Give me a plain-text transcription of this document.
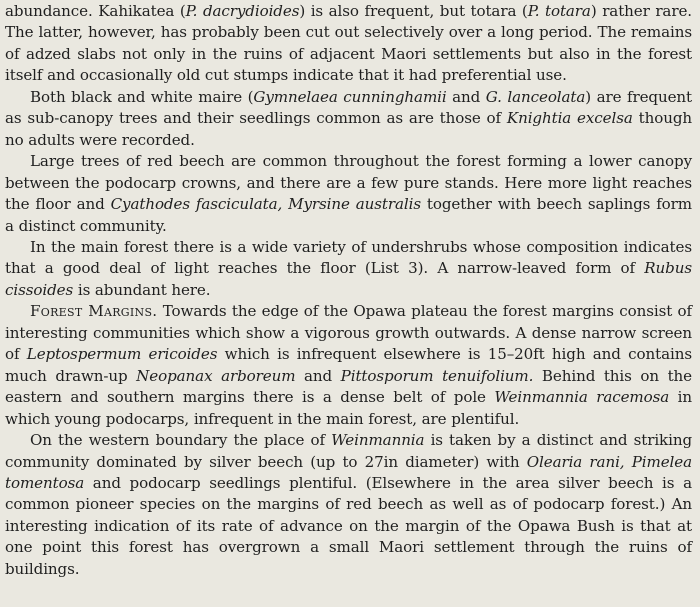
abundance. Kahikatea (P. dacrydioides) is also frequent, but totara (P. totara) rather rare. The latter, however, has probably been cut out selectively over a long period. The remains of adzed slabs not only in the ruins of adjacent Maori settlements but also in the forest itself and occasionally old cut stumps indicate that it had preferential use.

Both black and white maire (Gymnelaea cunninghamii and G. lanceolata) are frequent as sub-canopy trees and their seedlings common as are those of Knightia excelsa though no adults were recorded.

Large trees of red beech are common throughout the forest forming a lower canopy between the podocarp crowns, and there are a few pure stands. Here more light reaches the floor and Cyathodes fasciculata, Myrsine australis together with beech saplings form a distinct community.

In the main forest there is a wide variety of undershrubs whose composition indicates that a good deal of light reaches the floor (List 3). A narrow-leaved form of Rubus cissoides is abundant here.

Forest Margins. Towards the edge of the Opawa plateau the forest margins consist of interesting communities which show a vigorous growth outwards. A dense narrow screen of Leptospermum ericoides which is infrequent elsewhere is 15–20ft high and contains much drawn-up Neopanax arboreum and Pittosporum tenuifolium. Behind this on the eastern and southern margins there is a dense belt of pole Weinmannia racemosa in which young podocarps, infrequent in the main forest, are plentiful.

On the western boundary the place of Weinmannia is taken by a distinct and striking community dominated by silver beech (up to 27in diameter) with Olearia rani, Pimelea tomentosa and podocarp seedlings plentiful. (Elsewhere in the area silver beech is a common pioneer species on the margins of red beech as well as of podocarp forest.) An interesting indication of its rate of advance on the margin of the Opawa Bush is that at one point this forest has overgrown a small Maori settlement through the ruins of buildings.
